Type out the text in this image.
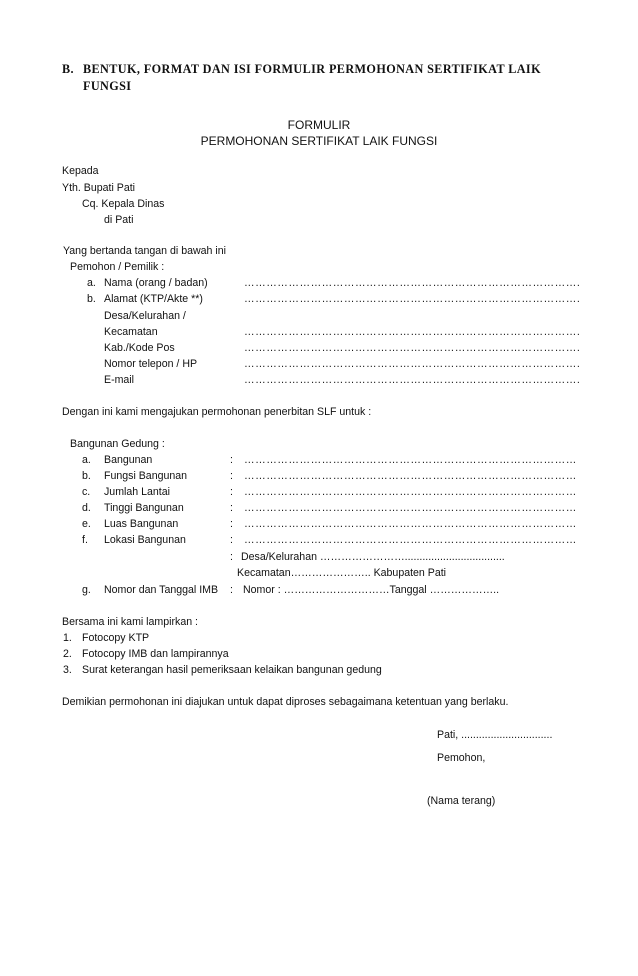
B. BENTUK, FORMAT DAN ISI FORMULIR PERMOHONAN SERTIFIKAT LAIK
FUNGSI
FORMULIR
PERMOHONAN SERTIFIKAT LAIK FUNGSI
Kepada
Yth. Bupati Pati
Cq. Kepala Dinas
di Pati
Yang bertanda tangan di bawah ini
Pemohon / Pemilik :
a. Nama (orang / badan)	……………………………………………………………………………….
b. Alamat (KTP/Akte **)	……………………………………………………………………………….
Desa/Kelurahan /
Kecamatan	……………………………………………………………………………….
Kab./Kode Pos	……………………………………………………………………………….
Nomor telepon / HP	……………………………………………………………………………….
E-mail	……………………………………………………………………………….
Dengan ini kami mengajukan permohonan penerbitan SLF untuk :
Bangunan Gedung :
a. Bangunan	: ………………………………………………………………………………
b. Fungsi Bangunan	: ………………………………………………………………………………
c. Jumlah Lantai	: ………………………………………………………………………………
d. Tinggi Bangunan	: ………………………………………………………………………………
e. Luas Bangunan	: ………………………………………………………………………………
f. Lokasi Bangunan	: ………………………………………………………………………………
: Desa/Kelurahan ……………………..................................
Kecamatan………………….. Kabupaten Pati
g. Nomor dan Tanggal IMB : Nomor : …………………………Tanggal ………………..
Bersama ini kami lampirkan :
1. Fotocopy KTP
2. Fotocopy IMB dan lampirannya
3. Surat keterangan hasil pemeriksaan kelaikan bangunan gedung
Demikian permohonan ini diajukan untuk dapat diproses sebagaimana ketentuan yang berlaku.
Pati, ...............................
Pemohon,
(Nama terang)
